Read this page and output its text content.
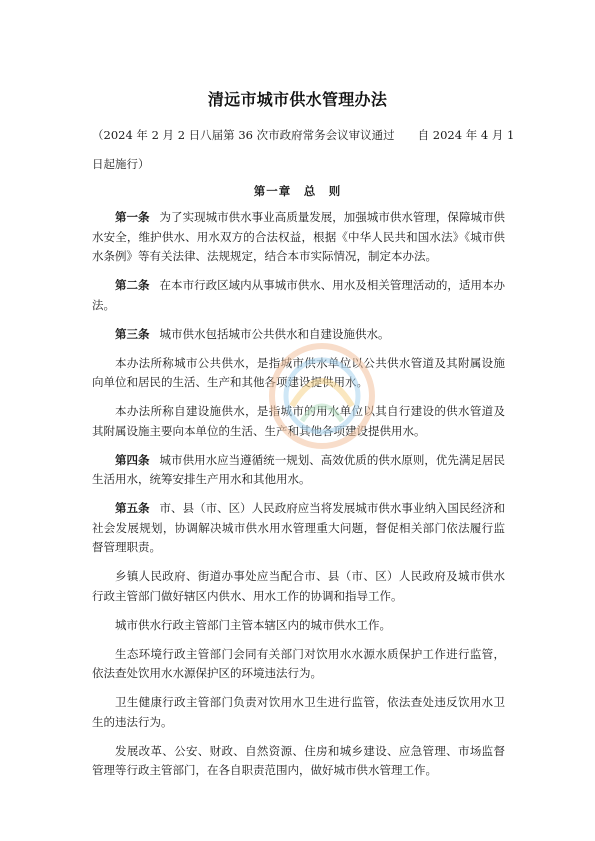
清远市城市供水管理办法
（2024 年 2 月 2 日八届第 36 次市政府常务会议审议通过　　自 2024 年 4 月 1 日起施行）
第一章　总　则

第一条 为了实现城市供水事业高质量发展，加强城市供水管理，保障城市供水安全，维护供水、用水双方的合法权益，根据《中华人民共和国水法》《城市供水条例》等有关法律、法规规定，结合本市实际情况，制定本办法。

第二条 在本市行政区域内从事城市供水、用水及相关管理活动的，适用本办法。

第三条 城市供水包括城市公共供水和自建设施供水。

本办法所称城市公共供水，是指城市供水单位以公共供水管道及其附属设施向单位和居民的生活、生产和其他各项建设提供用水。

本办法所称自建设施供水，是指城市的用水单位以其自行建设的供水管道及其附属设施主要向本单位的生活、生产和其他各项建设提供用水。

第四条 城市供用水应当遵循统一规划、高效优质的供水原则，优先满足居民生活用水，统筹安排生产用水和其他用水。

第五条 市、县（市、区）人民政府应当将发展城市供水事业纳入国民经济和社会发展规划，协调解决城市供水用水管理重大问题，督促相关部门依法履行监督管理职责。

乡镇人民政府、街道办事处应当配合市、县（市、区）人民政府及城市供水行政主管部门做好辖区内供水、用水工作的协调和指导工作。

城市供水行政主管部门主管本辖区内的城市供水工作。

生态环境行政主管部门会同有关部门对饮用水水源水质保护工作进行监管，依法查处饮用水水源保护区的环境违法行为。

卫生健康行政主管部门负责对饮用水卫生进行监管，依法查处违反饮用水卫生的违法行为。

发展改革、公安、财政、自然资源、住房和城乡建设、应急管理、市场监督管理等行政主管部门，在各自职责范围内，做好城市供水管理工作。
